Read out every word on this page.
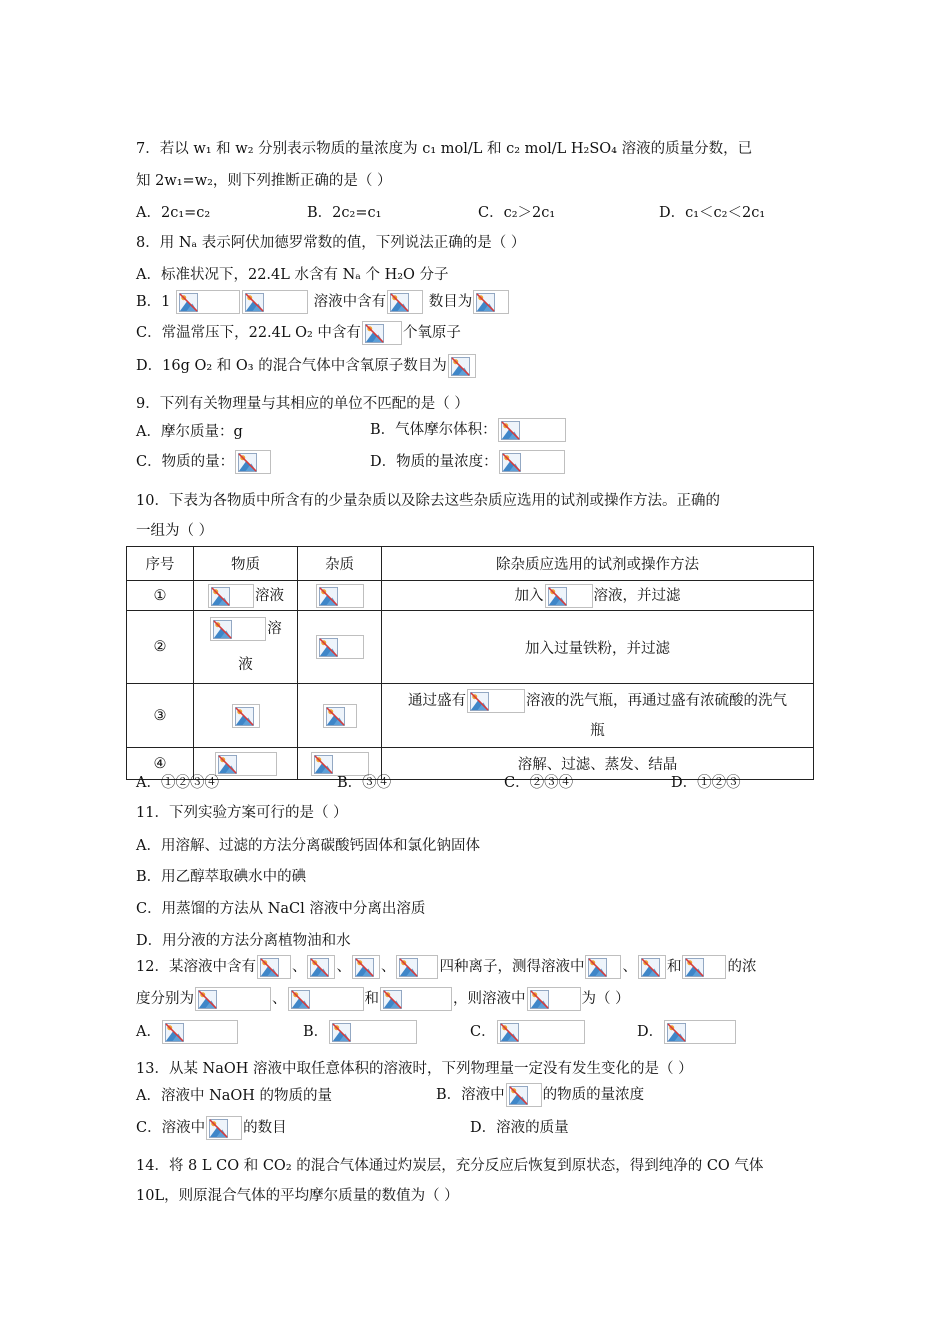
7．若以 w₁ 和 w₂ 分别表示物质的量浓度为 c₁ mol/L 和 c₂ mol/L H₂SO₄ 溶液的质量分数，已
知 2w₁=w₂，则下列推断正确的是（ ）
A．2c₁=c₂	B．2c₂=c₁	C．c₂＞2c₁	D．c₁＜c₂＜2c₁
8．用 Nₐ 表示阿伏加德罗常数的值，下列说法正确的是（ ）
A．标准状况下，22.4L 水含有 Nₐ 个 H₂O 分子
B．1	溶液中含有	数目为
C．常温常压下，22.4L O₂ 中含有	个氧原子
D．16g O₂ 和 O₃ 的混合气体中含氧原子数目为
9．下列有关物理量与其相应的单位不匹配的是（ ）
A．摩尔质量：g	B．气体摩尔体积：
C．物质的量：	D．物质的量浓度：
10．下表为各物质中所含有的少量杂质以及除去这些杂质应选用的试剂或操作方法。正确的
一组为（ ）
序号	物质	杂质	除杂质应选用的试剂或操作方法
①	溶液		加入 溶液，并过滤
②	溶
液		加入过量铁粉，并过滤
③			通过盛有 溶液的洗气瓶，再通过盛有浓硫酸的洗气
瓶
④			溶解、过滤、蒸发、结晶
A．①②③④	B．③④	C．②③④	D．①②③
11．下列实验方案可行的是（ ）
A．用溶解、过滤的方法分离碳酸钙固体和氯化钠固体
B．用乙醇萃取碘水中的碘
C．用蒸馏的方法从 NaCl 溶液中分离出溶质
D．用分液的方法分离植物油和水
12．某溶液中含有 、 、 、	四种离子，测得溶液中	、 和	的浓
度分别为	、	和	，则溶液中	为（ ）
A．	B．	C．	D．
13．从某 NaOH 溶液中取任意体积的溶液时，下列物理量一定没有发生变化的是（ ）
A．溶液中 NaOH 的物质的量	B．溶液中	的物质的量浓度
C．溶液中	的数目	D．溶液的质量
14．将 8 L CO 和 CO₂ 的混合气体通过灼炭层，充分反应后恢复到原状态，得到纯净的 CO 气体
10L，则原混合气体的平均摩尔质量的数值为（ ）
